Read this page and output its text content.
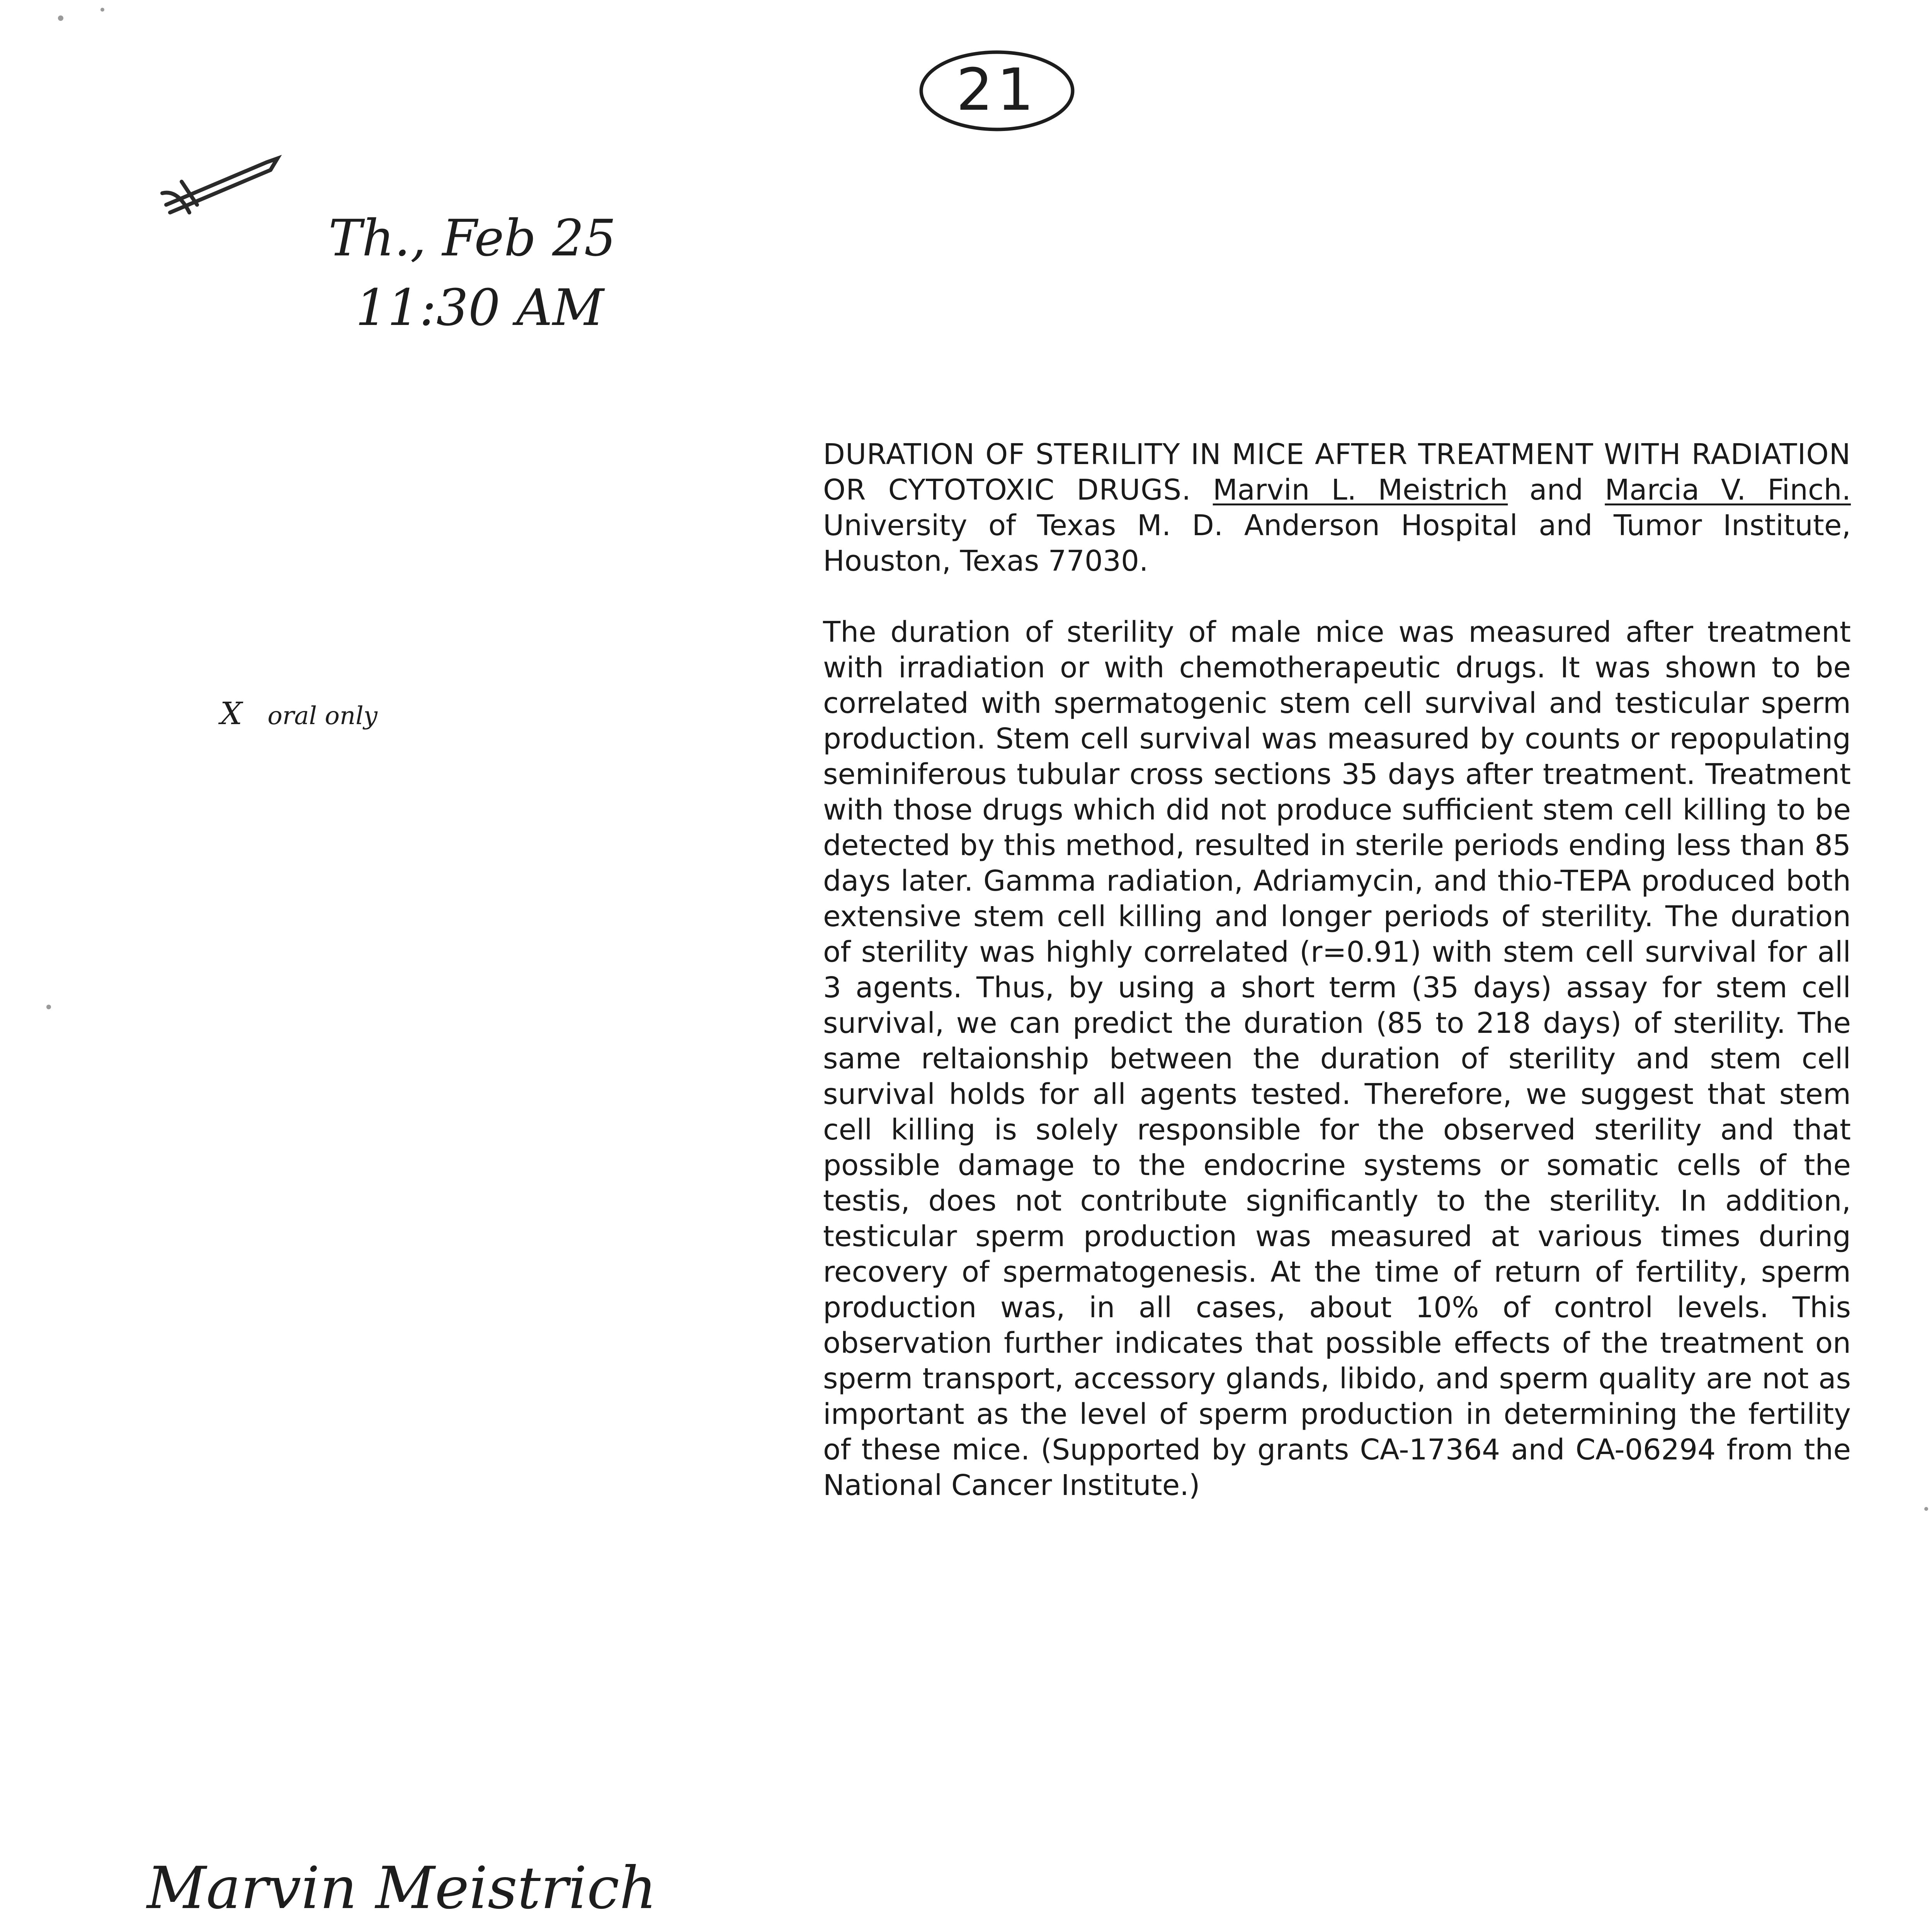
21
Th., Feb 25
11:30 AM
X oral only
Marvin Meistrich

DURATION OF STERILITY IN MICE AFTER TREATMENT WITH RADIATION OR CYTOTOXIC DRUGS. Marvin L. Meistrich and Marcia V. Finch. University of Texas M. D. Anderson Hospital and Tumor Institute, Houston, Texas 77030.

The duration of sterility of male mice was measured after treatment with irradiation or with chemotherapeutic drugs. It was shown to be correlated with spermatogenic stem cell survival and testicular sperm production. Stem cell survival was measured by counts or repopulating seminiferous tubular cross sections 35 days after treatment. Treatment with those drugs which did not produce sufficient stem cell killing to be detected by this method, resulted in sterile periods ending less than 85 days later. Gamma radiation, Adriamycin, and thio-TEPA produced both extensive stem cell killing and longer periods of sterility. The duration of sterility was highly correlated (r=0.91) with stem cell survival for all 3 agents. Thus, by using a short term (35 days) assay for stem cell survival, we can predict the duration (85 to 218 days) of sterility. The same reltaionship between the duration of sterility and stem cell survival holds for all agents tested. Therefore, we suggest that stem cell killing is solely responsible for the observed sterility and that possible damage to the endocrine systems or somatic cells of the testis, does not contribute significantly to the sterility. In addition, testicular sperm production was measured at various times during recovery of spermatogenesis. At the time of return of fertility, sperm production was, in all cases, about 10% of control levels. This observation further indicates that possible effects of the treatment on sperm transport, accessory glands, libido, and sperm quality are not as important as the level of sperm production in determining the fertility of these mice. (Supported by grants CA-17364 and CA-06294 from the National Cancer Institute.)
